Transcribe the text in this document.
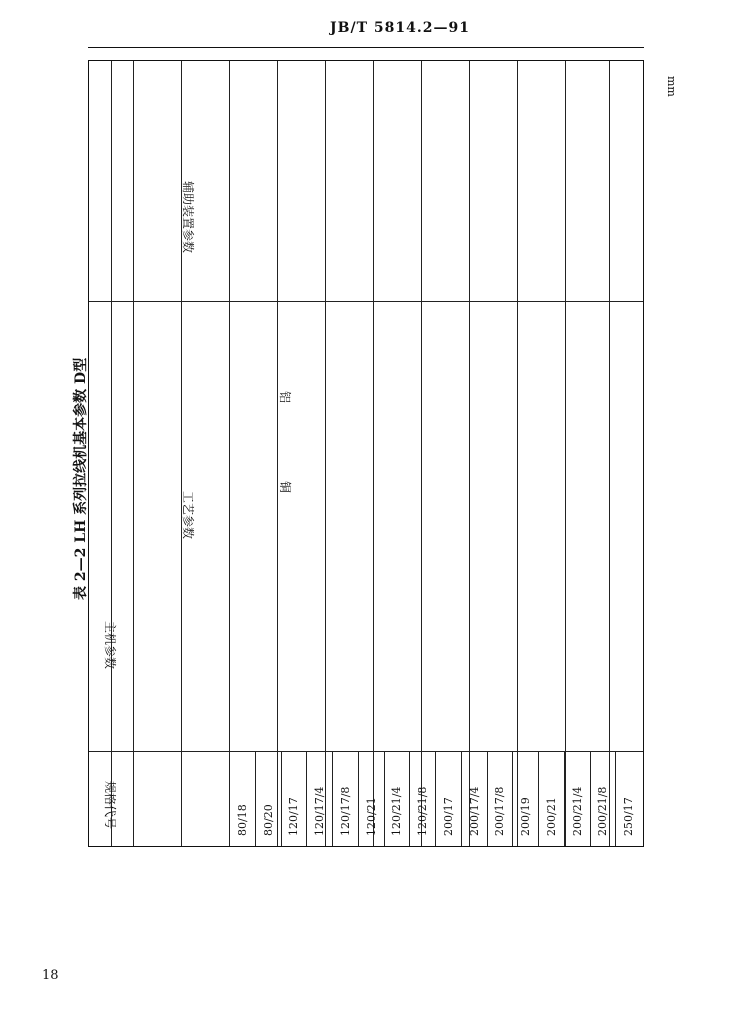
JB/T 5814.2—91
mm
表 2—2 LH 系列拉线机基本参数 D型
辅助装置参数
工艺参数
主机参数
铜
铝
规格代号	80/18 80/20 120/17 120/17/4 120/17/8 120/21 120/21/4 120/21/8 200/17 200/17/4 200/17/8 200/19 200/21 200/21/4 200/21/8 250/17
18
